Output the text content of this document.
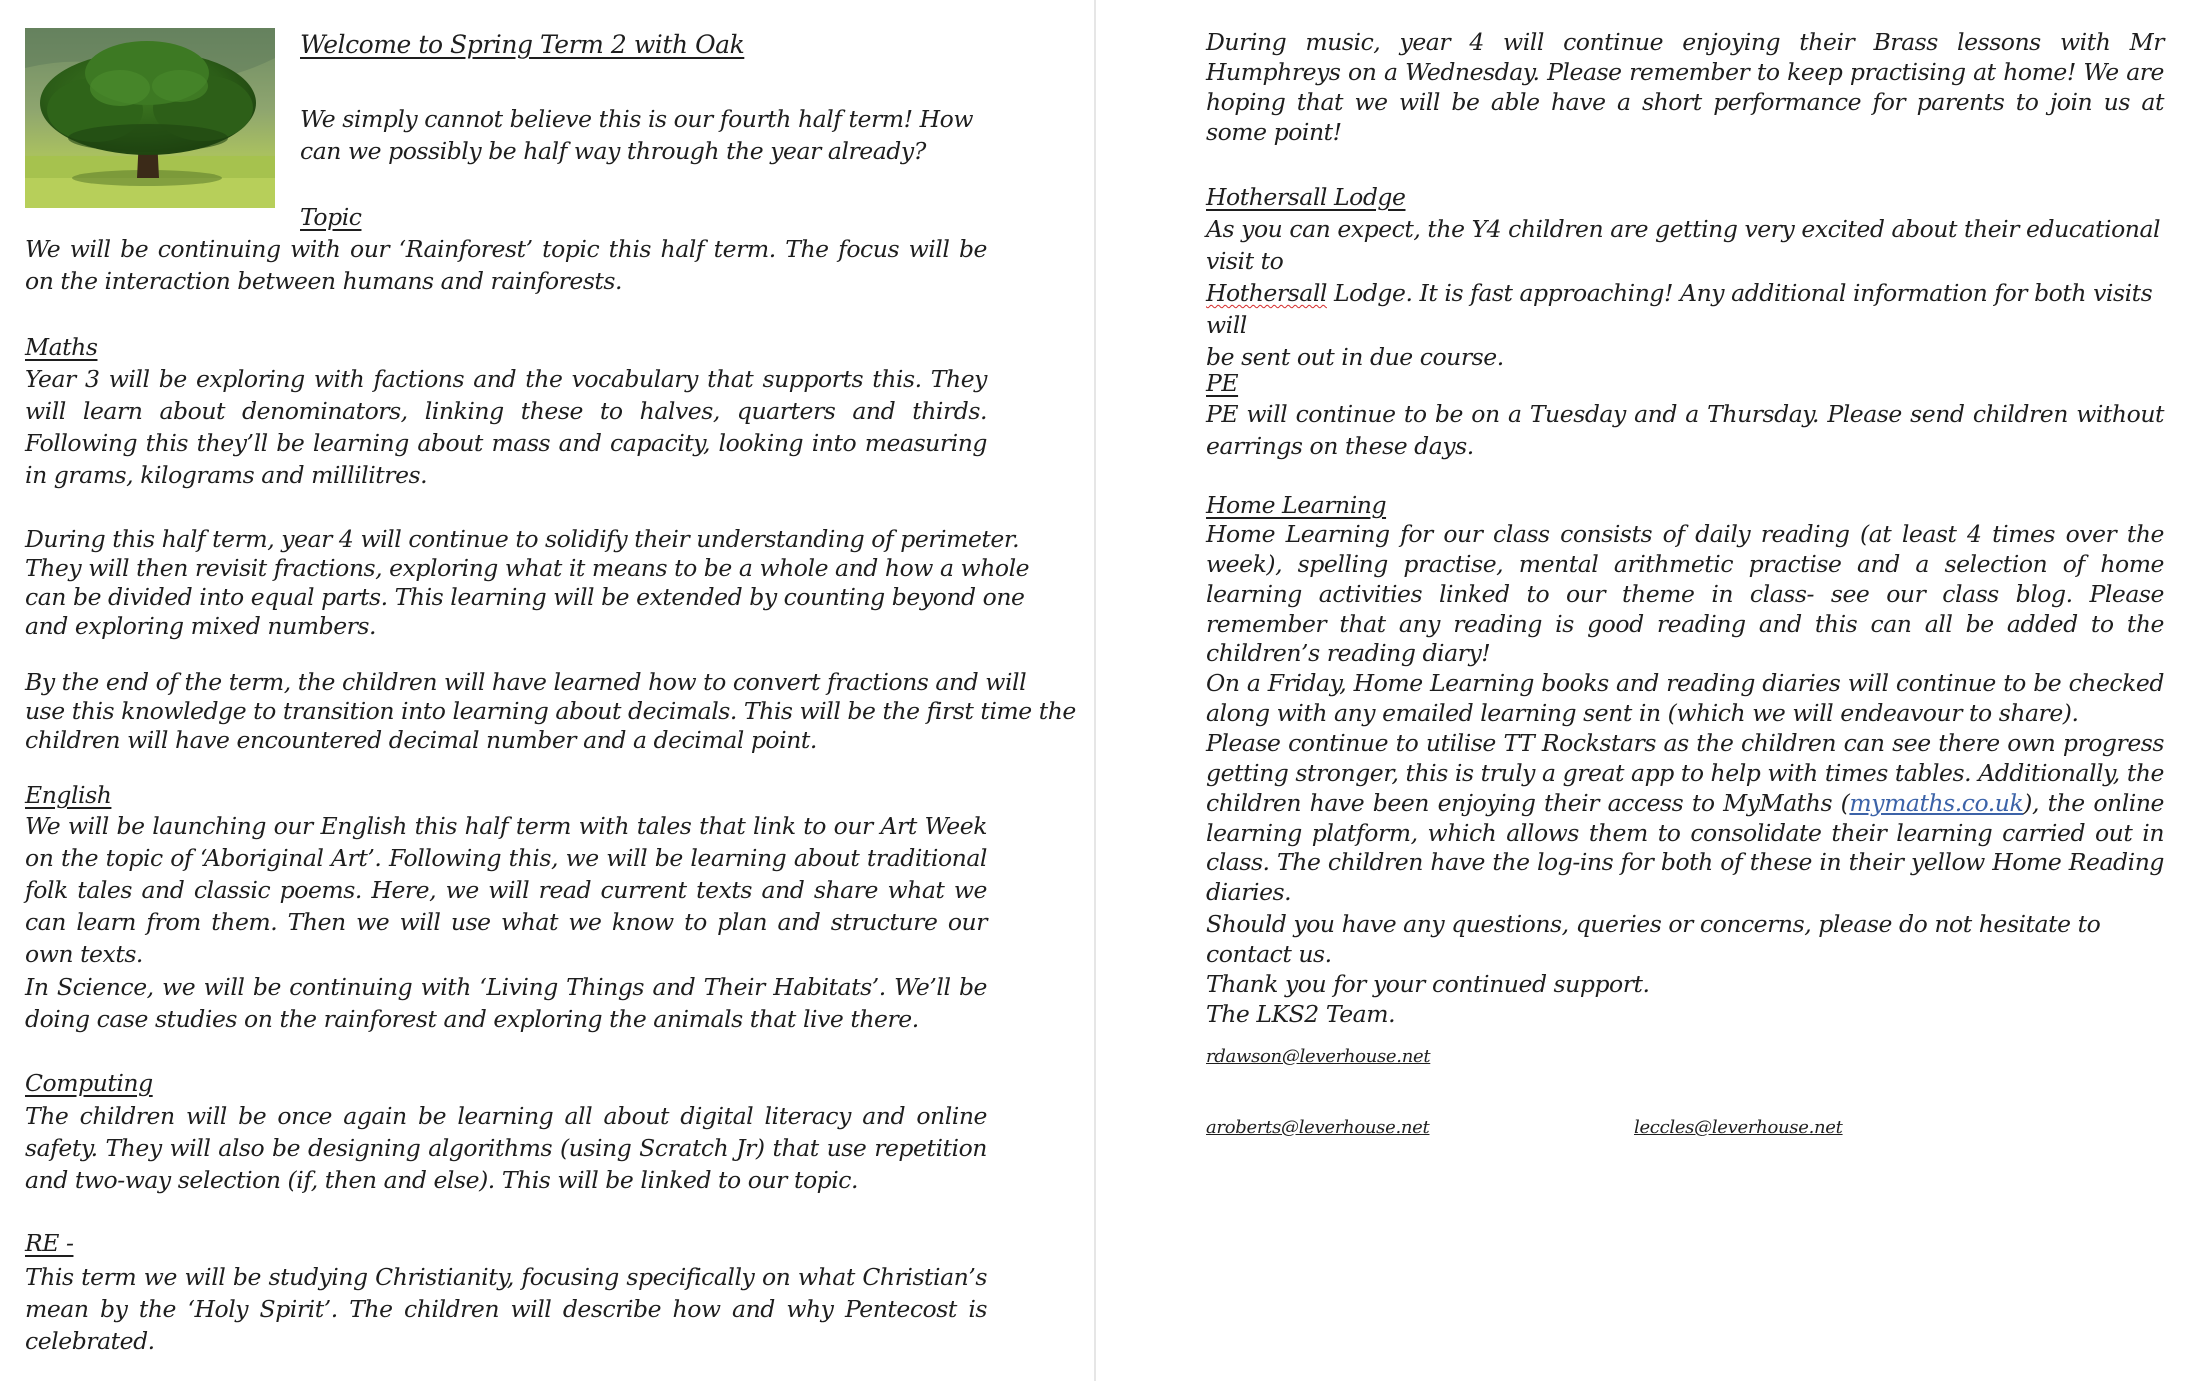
Welcome to Spring Term 2 with Oak

We simply cannot believe this is our fourth half term! How can we possibly be half way through the year already?

Topic

We will be continuing with our ‘Rainforest’ topic this half term. The focus will be on the interaction between humans and rainforests.

Maths

Year 3 will be exploring with factions and the vocabulary that supports this. They will learn about denominators, linking these to halves, quarters and thirds. Following this they’ll be learning about mass and capacity, looking into measuring in grams, kilograms and millilitres.

During this half term, year 4 will continue to solidify their understanding of perimeter.

They will then revisit fractions, exploring what it means to be a whole and how a whole

can be divided into equal parts. This learning will be extended by counting beyond one

and exploring mixed numbers.

By the end of the term, the children will have learned how to convert fractions and will

use this knowledge to transition into learning about decimals. This will be the first time the

children will have encountered decimal number and a decimal point.

English

We will be launching our English this half term with tales that link to our Art Week on the topic of ‘Aboriginal Art’. Following this, we will be learning about traditional folk tales and classic poems. Here, we will read current texts and share what we can learn from them. Then we will use what we know to plan and structure our own texts.

In Science, we will be continuing with ‘Living Things and Their Habitats’. We’ll be doing case studies on the rainforest and exploring the animals that live there.

Computing

The children will be once again be learning all about digital literacy and online safety. They will also be designing algorithms (using Scratch Jr) that use repetition and two-way selection (if, then and else). This will be linked to our topic.

RE -

This term we will be studying Christianity, focusing specifically on what Christian’s mean by the ‘Holy Spirit’. The children will describe how and why Pentecost is celebrated.

During music, year 4 will continue enjoying their Brass lessons with Mr Humphreys on a Wednesday. Please remember to keep practising at home! We are hoping that we will be able have a short performance for parents to join us at some point!

Hothersall Lodge

As you can expect, the Y4 children are getting very excited about their educational visit to

Hothersall Lodge. It is fast approaching! Any additional information for both visits will

be sent out in due course.

PE

PE will continue to be on a Tuesday and a Thursday. Please send children without earrings on these days.

Home Learning

Home Learning for our class consists of daily reading (at least 4 times over the week), spelling practise, mental arithmetic practise and a selection of home learning activities linked to our theme in class- see our class blog. Please remember that any reading is good reading and this can all be added to the children’s reading diary!

On a Friday, Home Learning books and reading diaries will continue to be checked along with any emailed learning sent in (which we will endeavour to share).

Please continue to utilise TT Rockstars as the children can see there own progress getting stronger, this is truly a great app to help with times tables. Additionally, the children have been enjoying their access to MyMaths (mymaths.co.uk), the online learning platform, which allows them to consolidate their learning carried out in class. The children have the log-ins for both of these in their yellow Home Reading diaries.

Should you have any questions, queries or concerns, please do not hesitate to contact us.

Thank you for your continued support.

The LKS2 Team.

rdawson@leverhouse.net
aroberts@leverhouse.net	leccles@leverhouse.net
